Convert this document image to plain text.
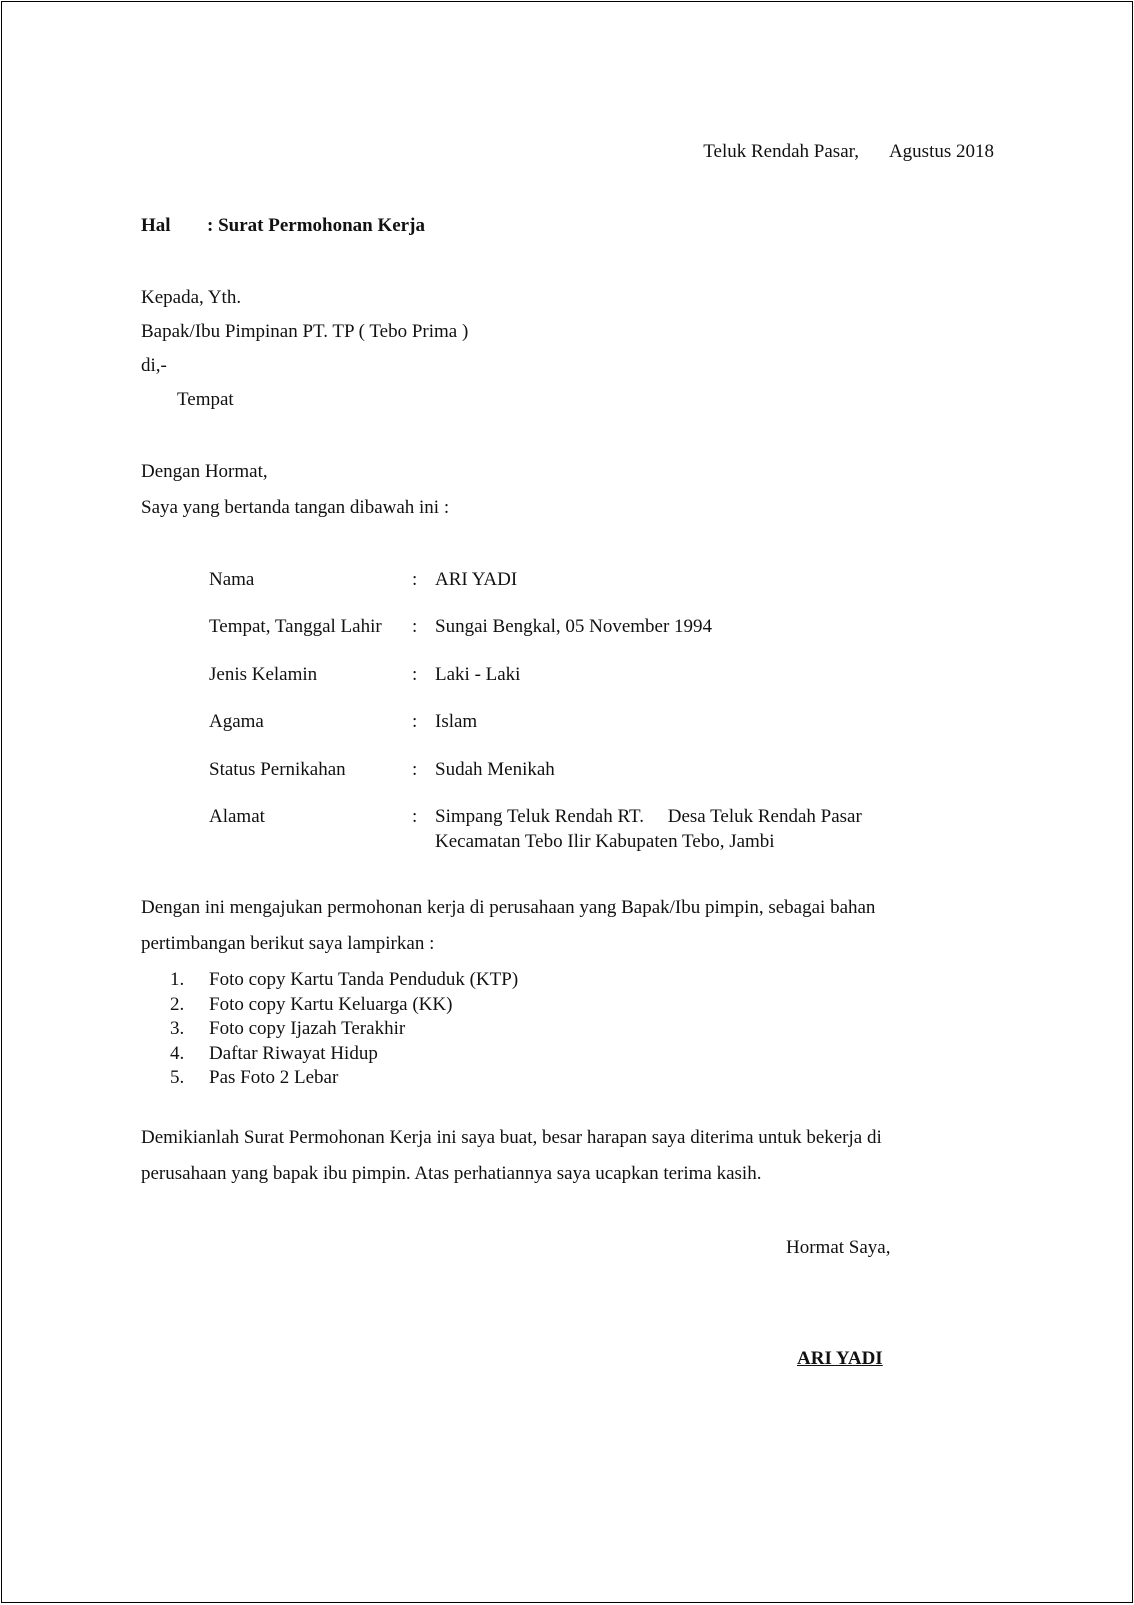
Teluk Rendah Pasar, Agustus 2018
Hal : Surat Permohonan Kerja
Kepada, Yth.
Bapak/Ibu Pimpinan PT. TP ( Tebo Prima )
di,-
Tempat
Dengan Hormat,
Saya yang bertanda tangan dibawah ini :
Nama	: ARI YADI
Tempat, Tanggal Lahir	: Sungai Bengkal, 05 November 1994
Jenis Kelamin	: Laki - Laki
Agama	: Islam
Status Pernikahan	: Sudah Menikah
Alamat	: Simpang Teluk Rendah RT.     Desa Teluk Rendah Pasar
Kecamatan Tebo Ilir Kabupaten Tebo, Jambi
Dengan ini mengajukan permohonan kerja di perusahaan yang Bapak/Ibu pimpin, sebagai bahan
pertimbangan berikut saya lampirkan :
1. Foto copy Kartu Tanda Penduduk (KTP)
2. Foto copy Kartu Keluarga (KK)
3. Foto copy Ijazah Terakhir
4. Daftar Riwayat Hidup
5. Pas Foto 2 Lebar
Demikianlah Surat Permohonan Kerja ini saya buat, besar harapan saya diterima untuk bekerja di
perusahaan yang bapak ibu pimpin. Atas perhatiannya saya ucapkan terima kasih.
Hormat Saya,
ARI YADI
